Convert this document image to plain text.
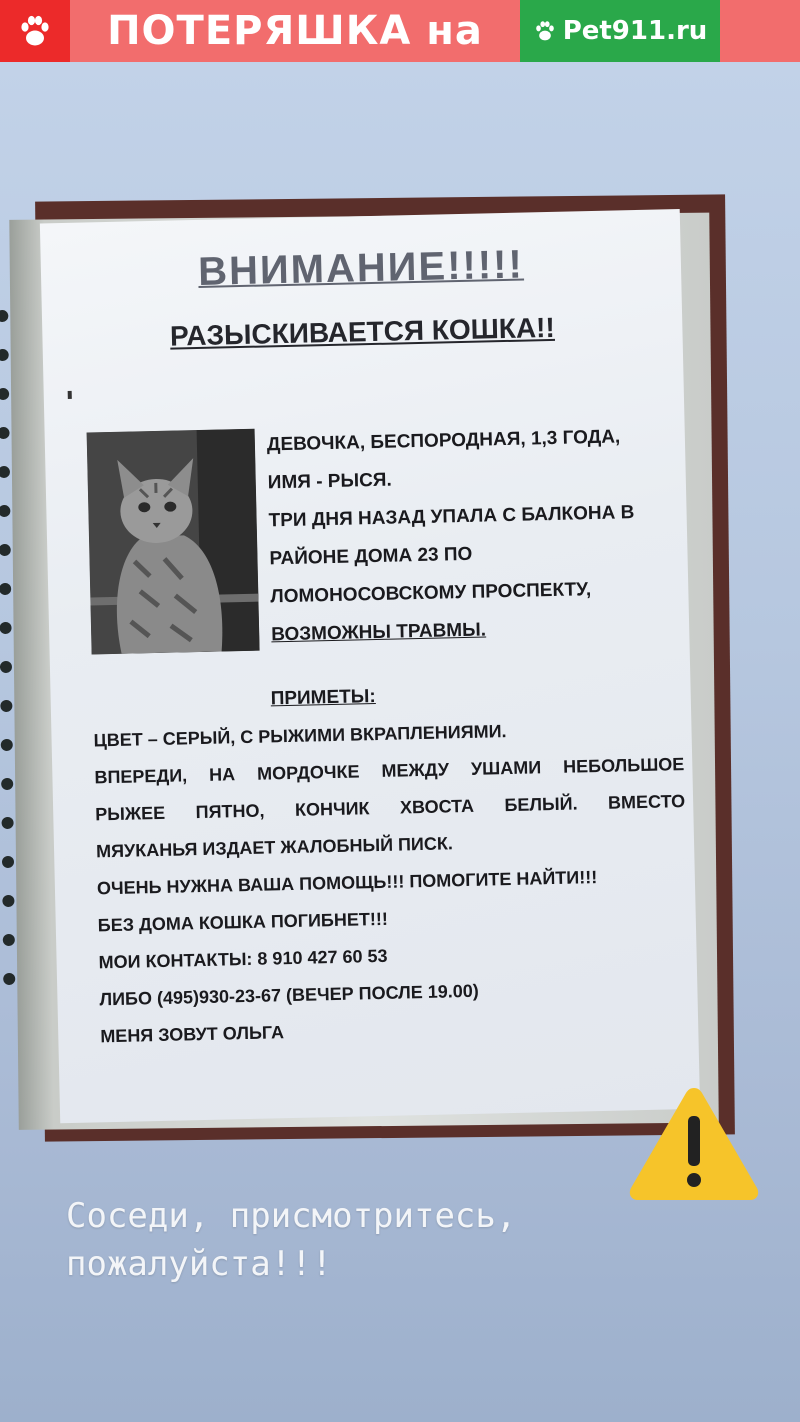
ПОТЕРЯШКА на	Pet911.ru
ВНИМАНИЕ!!!!!
РАЗЫСКИВАЕТСЯ КОШКА!!
ДЕВОЧКА, БЕСПОРОДНАЯ, 1,3 ГОДА,
ИМЯ - РЫСЯ.
ТРИ ДНЯ НАЗАД УПАЛА С БАЛКОНА В
РАЙОНЕ ДОМА 23 ПО
ЛОМОНОСОВСКОМУ ПРОСПЕКТУ,
ВОЗМОЖНЫ ТРАВМЫ.
ПРИМЕТЫ:
ЦВЕТ – СЕРЫЙ, С РЫЖИМИ ВКРАПЛЕНИЯМИ.
ВПЕРЕДИ, НА МОРДОЧКЕ МЕЖДУ УШАМИ НЕБОЛЬШОЕ
РЫЖЕЕ ПЯТНО, КОНЧИК ХВОСТА БЕЛЫЙ. ВМЕСТО
МЯУКАНЬЯ ИЗДАЕТ ЖАЛОБНЫЙ ПИСК.
ОЧЕНЬ НУЖНА ВАША ПОМОЩЬ!!! ПОМОГИТЕ НАЙТИ!!!
БЕЗ ДОМА КОШКА ПОГИБНЕТ!!!
МОИ КОНТАКТЫ: 8 910 427 60 53
ЛИБО (495)930-23-67 (ВЕЧЕР ПОСЛЕ 19.00)
МЕНЯ ЗОВУТ ОЛЬГА
Соседи, присмотритесь,
пожалуйста!!!
